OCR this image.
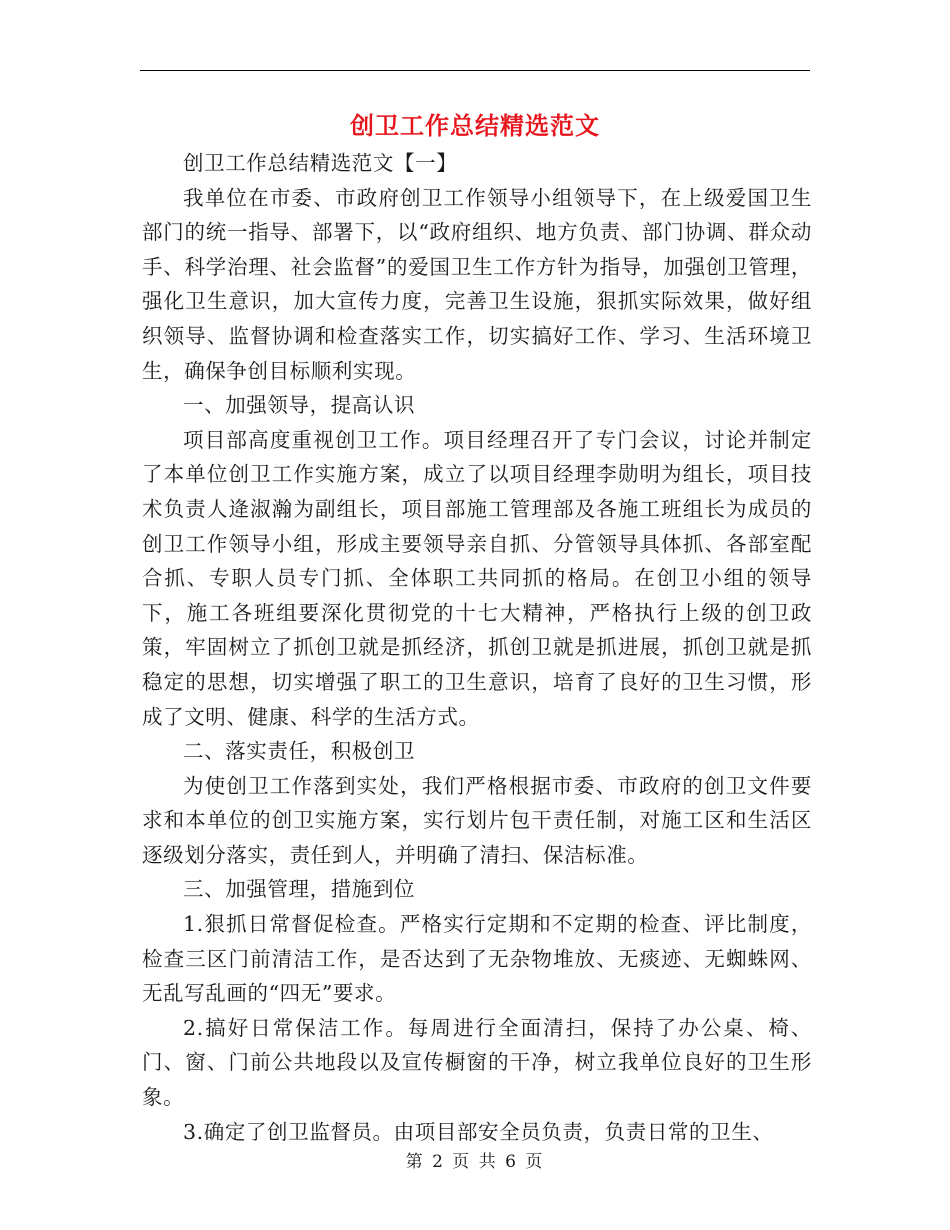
创卫工作总结精选范文

创卫工作总结精选范文【一】

我单位在市委、市政府创卫工作领导小组领导下，在上级爱国卫生部门的统一指导、部署下，以“政府组织、地方负责、部门协调、群众动手、科学治理、社会监督”的爱国卫生工作方针为指导，加强创卫管理，强化卫生意识，加大宣传力度，完善卫生设施，狠抓实际效果，做好组织领导、监督协调和检查落实工作，切实搞好工作、学习、生活环境卫生，确保争创目标顺利实现。

一、加强领导，提高认识

项目部高度重视创卫工作。项目经理召开了专门会议，讨论并制定了本单位创卫工作实施方案，成立了以项目经理李勋明为组长，项目技术负责人逄淑瀚为副组长，项目部施工管理部及各施工班组长为成员的创卫工作领导小组，形成主要领导亲自抓、分管领导具体抓、各部室配合抓、专职人员专门抓、全体职工共同抓的格局。在创卫小组的领导下，施工各班组要深化贯彻党的十七大精神，严格执行上级的创卫政策，牢固树立了抓创卫就是抓经济，抓创卫就是抓进展，抓创卫就是抓稳定的思想，切实增强了职工的卫生意识，培育了良好的卫生习惯，形成了文明、健康、科学的生活方式。

二、落实责任，积极创卫

为使创卫工作落到实处，我们严格根据市委、市政府的创卫文件要求和本单位的创卫实施方案，实行划片包干责任制，对施工区和生活区逐级划分落实，责任到人，并明确了清扫、保洁标准。

三、加强管理，措施到位

1.狠抓日常督促检查。严格实行定期和不定期的检查、评比制度，检查三区门前清洁工作，是否达到了无杂物堆放、无痰迹、无蜘蛛网、无乱写乱画的“四无”要求。

2.搞好日常保洁工作。每周进行全面清扫，保持了办公桌、椅、门、窗、门前公共地段以及宣传橱窗的干净，树立我单位良好的卫生形象。

3.确定了创卫监督员。由项目部安全员负责，负责日常的卫生、

第 2 页 共 6 页
